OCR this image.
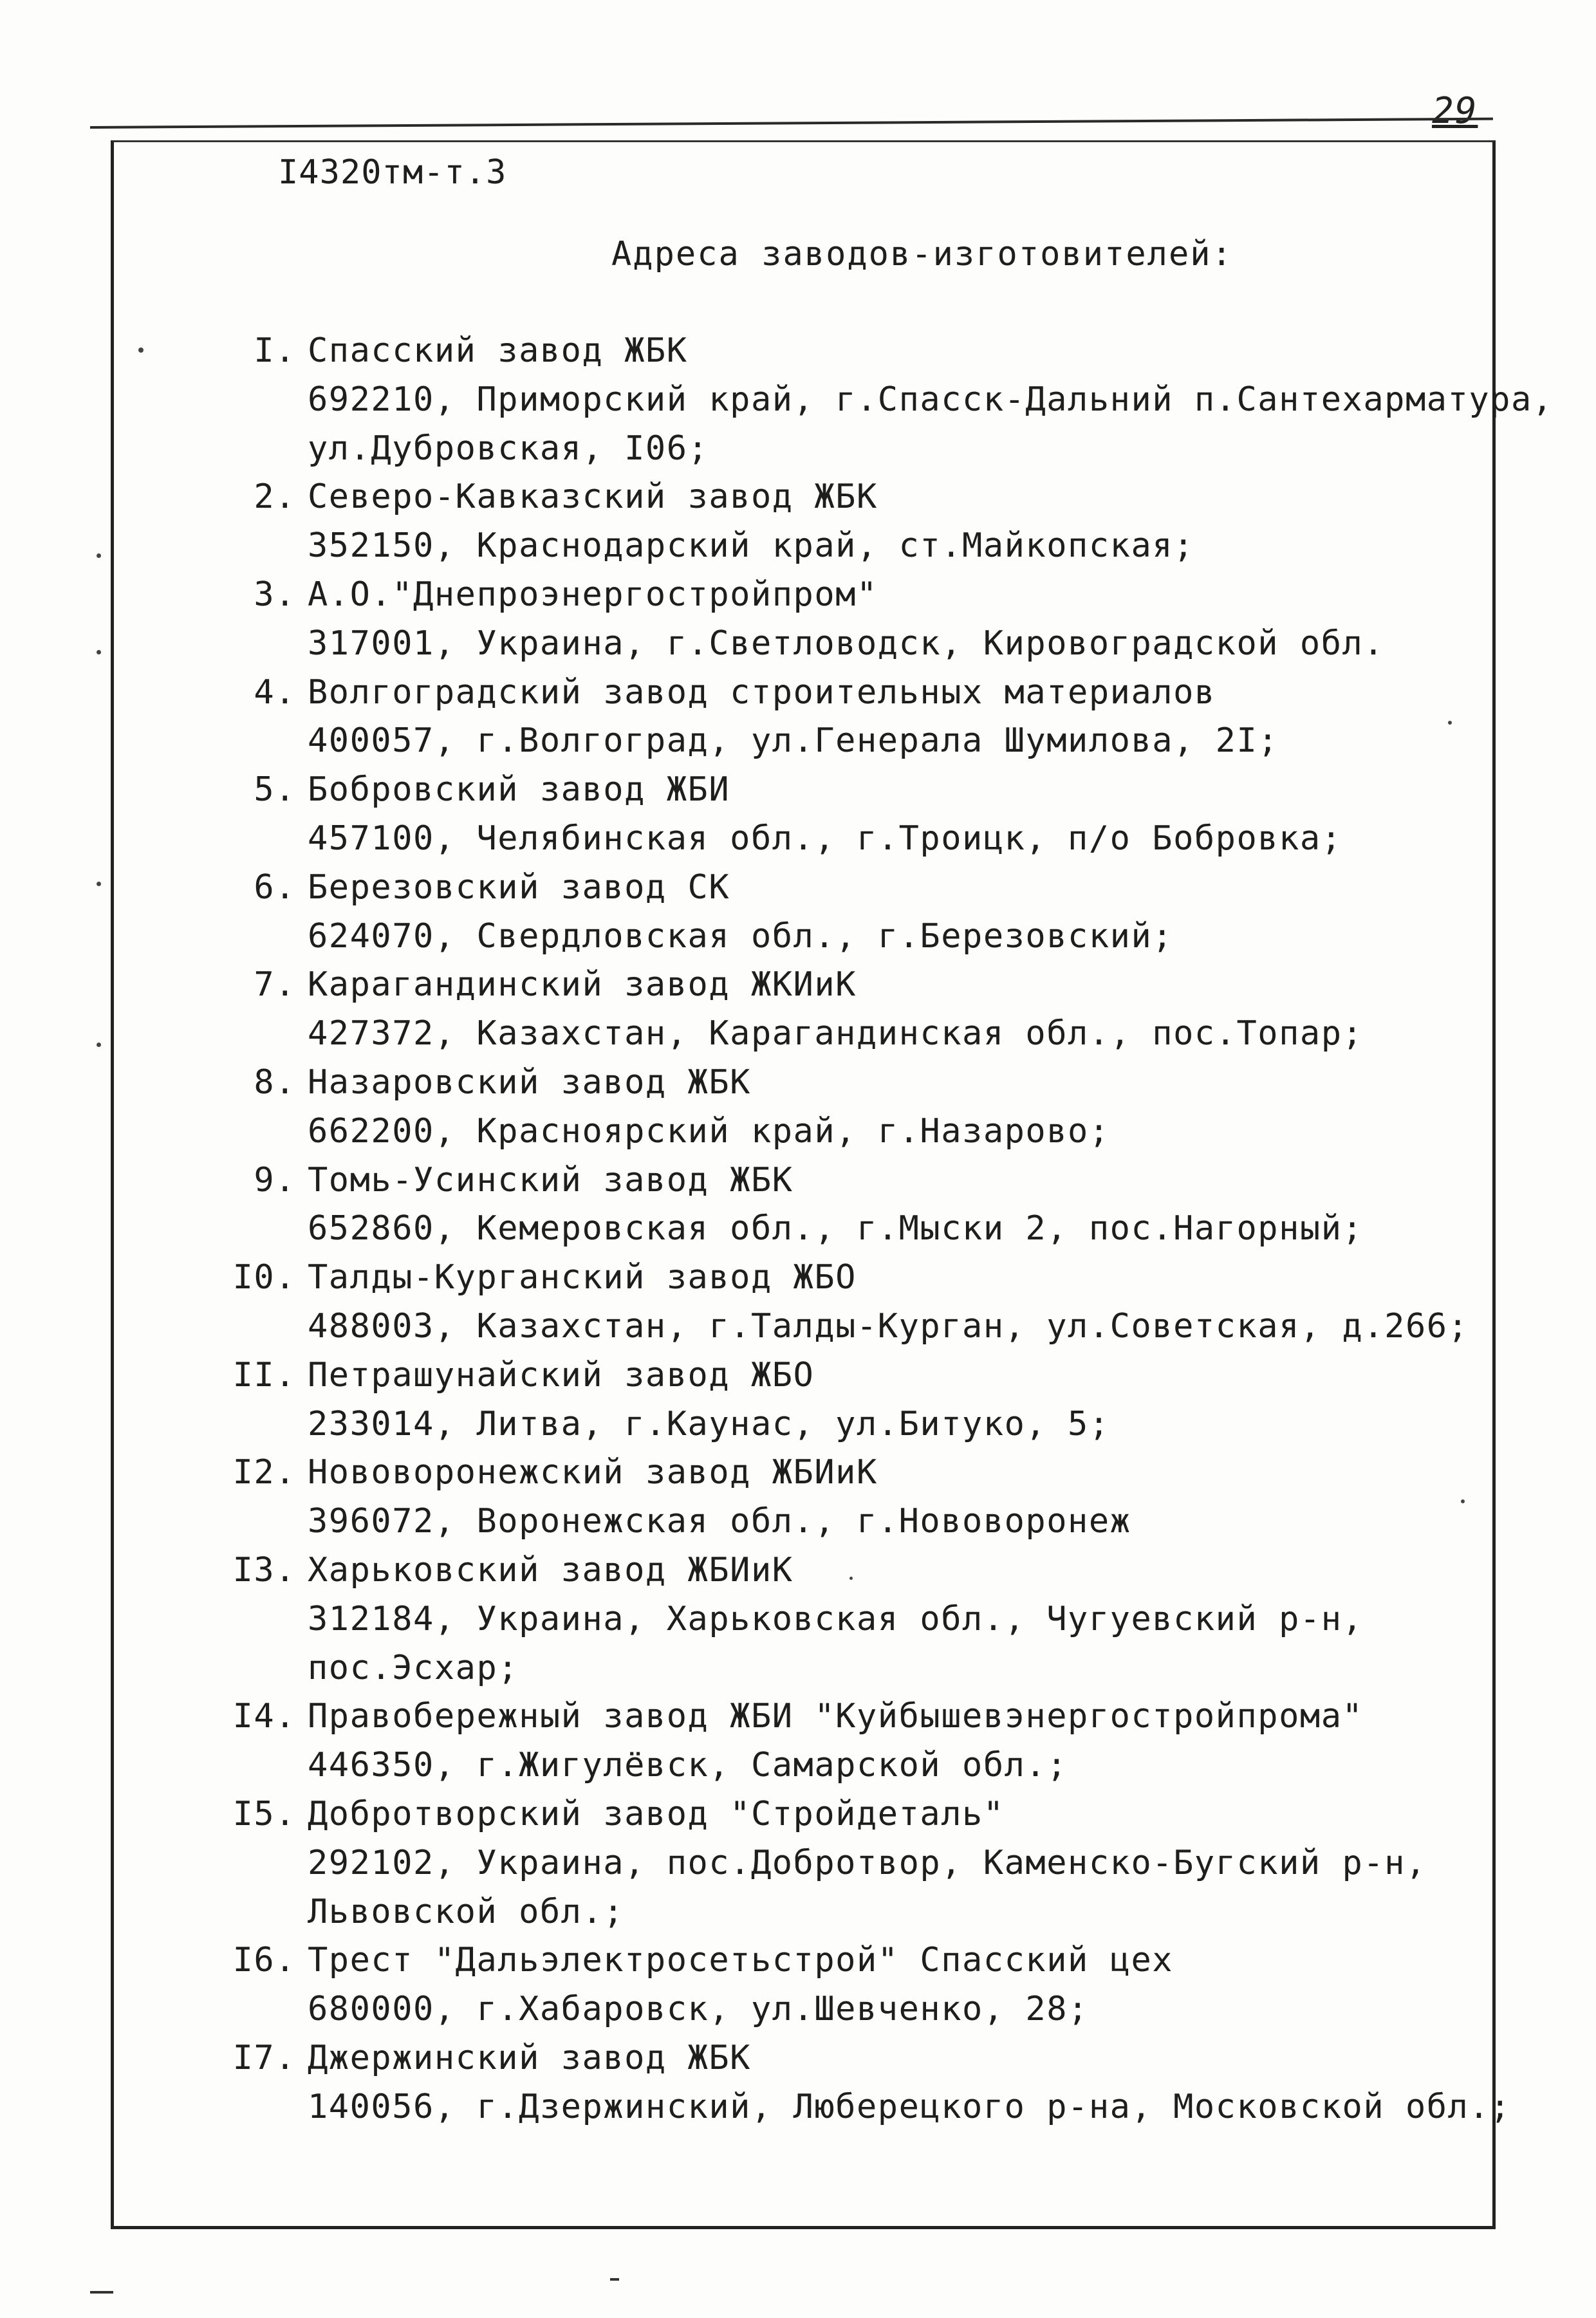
29
I4320тм-т.3
Адреса заводов-изготовителей:
I. Спасский завод ЖБК
692210, Приморский край, г.Спасск-Дальний п.Сантехарматура,
ул.Дубровская, I06;
2. Северо-Кавказский завод ЖБК
352150, Краснодарский край, ст.Майкопская;
3. А.О."Днепроэнергостройпром"
317001, Украина, г.Светловодск, Кировоградской обл.
4. Волгоградский завод строительных материалов
400057, г.Волгоград, ул.Генерала Шумилова, 2I;
5. Бобровский завод ЖБИ
457100, Челябинская обл., г.Троицк, п/о Бобровка;
6. Березовский завод СК
624070, Свердловская обл., г.Березовский;
7. Карагандинский завод ЖКИиК
427372, Казахстан, Карагандинская обл., пос.Топар;
8. Назаровский завод ЖБК
662200, Красноярский край, г.Назарово;
9. Томь-Усинский завод ЖБК
652860, Кемеровская обл., г.Мыски 2, пос.Нагорный;
I0. Талды-Курганский завод ЖБО
488003, Казахстан, г.Талды-Курган, ул.Советская, д.266;
II. Петрашунайский завод ЖБО
233014, Литва, г.Каунас, ул.Битуко, 5;
I2. Нововоронежский завод ЖБИиК
396072, Воронежская обл., г.Нововоронеж
I3. Харьковский завод ЖБИиК
312184, Украина, Харьковская обл., Чугуевский р-н,
пос.Эсхар;
I4. Правобережный завод ЖБИ "Куйбышевэнергостройпрома"
446350, г.Жигулёвск, Самарской обл.;
I5. Добротворский завод "Стройдеталь"
292102, Украина, пос.Добротвор, Каменско-Бугский р-н,
Львовской обл.;
I6. Трест "Дальэлектросетьстрой" Спасский цех
680000, г.Хабаровск, ул.Шевченко, 28;
I7. Джержинский завод ЖБК
140056, г.Дзержинский, Люберецкого р-на, Московской обл.;
